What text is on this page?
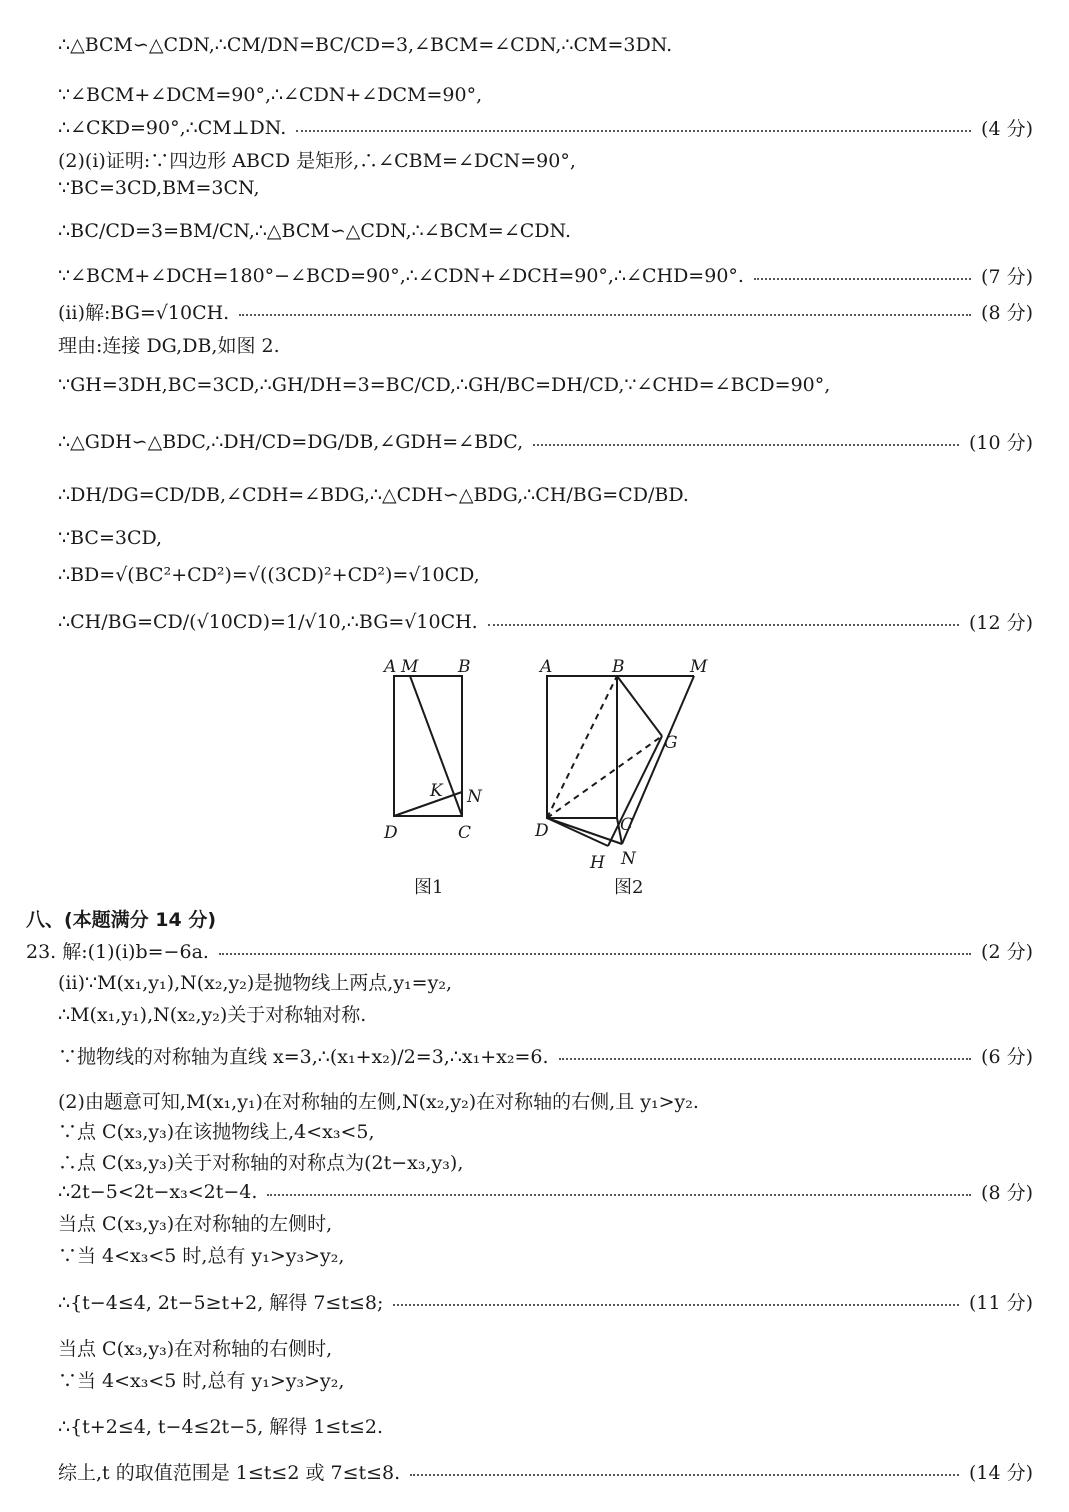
∴△BCM∽△CDN,∴CM/DN=BC/CD=3,∠BCM=∠CDN,∴CM=3DN.
∵∠BCM+∠DCM=90°,∴∠CDN+∠DCM=90°,
∴∠CKD=90°,∴CM⊥DN.	(4 分)
(2)(ⅰ)证明:∵四边形 ABCD 是矩形,∴∠CBM=∠DCN=90°,
∵BC=3CD,BM=3CN,
∴BC/CD=3=BM/CN,∴△BCM∽△CDN,∴∠BCM=∠CDN.
∵∠BCM+∠DCH=180°−∠BCD=90°,∴∠CDN+∠DCH=90°,∴∠CHD=90°.	(7 分)
(ⅱ)解:BG=√10CH.	(8 分)
理由:连接 DG,DB,如图 2.
∵GH=3DH,BC=3CD,∴GH/DH=3=BC/CD,∴GH/BC=DH/CD,∵∠CHD=∠BCD=90°,
∴△GDH∽△BDC,∴DH/CD=DG/DB,∠GDH=∠BDC,	(10 分)
∴DH/DG=CD/DB,∠CDH=∠BDG,∴△CDH∽△BDG,∴CH/BG=CD/BD.
∵BC=3CD,
∴BD=√(BC²+CD²)=√((3CD)²+CD²)=√10CD,
∴CH/BG=CD/(√10CD)=1/√10,∴BG=√10CH.	(12 分)
A M B
K N
D	C
图1
A	B	M
G
D	C
H N
图2
八、(本题满分 14 分)
23. 解:(1)(i)b=−6a.	(2 分)
(ii)∵M(x₁,y₁),N(x₂,y₂)是抛物线上两点,y₁=y₂,
∴M(x₁,y₁),N(x₂,y₂)关于对称轴对称.
∵抛物线的对称轴为直线 x=3,∴(x₁+x₂)/2=3,∴x₁+x₂=6.	(6 分)
(2)由题意可知,M(x₁,y₁)在对称轴的左侧,N(x₂,y₂)在对称轴的右侧,且 y₁>y₂.
∵点 C(x₃,y₃)在该抛物线上,4<x₃<5,
∴点 C(x₃,y₃)关于对称轴的对称点为(2t−x₃,y₃),
∴2t−5<2t−x₃<2t−4.	(8 分)
当点 C(x₃,y₃)在对称轴的左侧时,
∵当 4<x₃<5 时,总有 y₁>y₃>y₂,
∴{t−4≤4, 2t−5≥t+2, 解得 7≤t≤8;	(11 分)
当点 C(x₃,y₃)在对称轴的右侧时,
∵当 4<x₃<5 时,总有 y₁>y₃>y₂,
∴{t+2≤4, t−4≤2t−5, 解得 1≤t≤2.
综上,t 的取值范围是 1≤t≤2 或 7≤t≤8.	(14 分)
